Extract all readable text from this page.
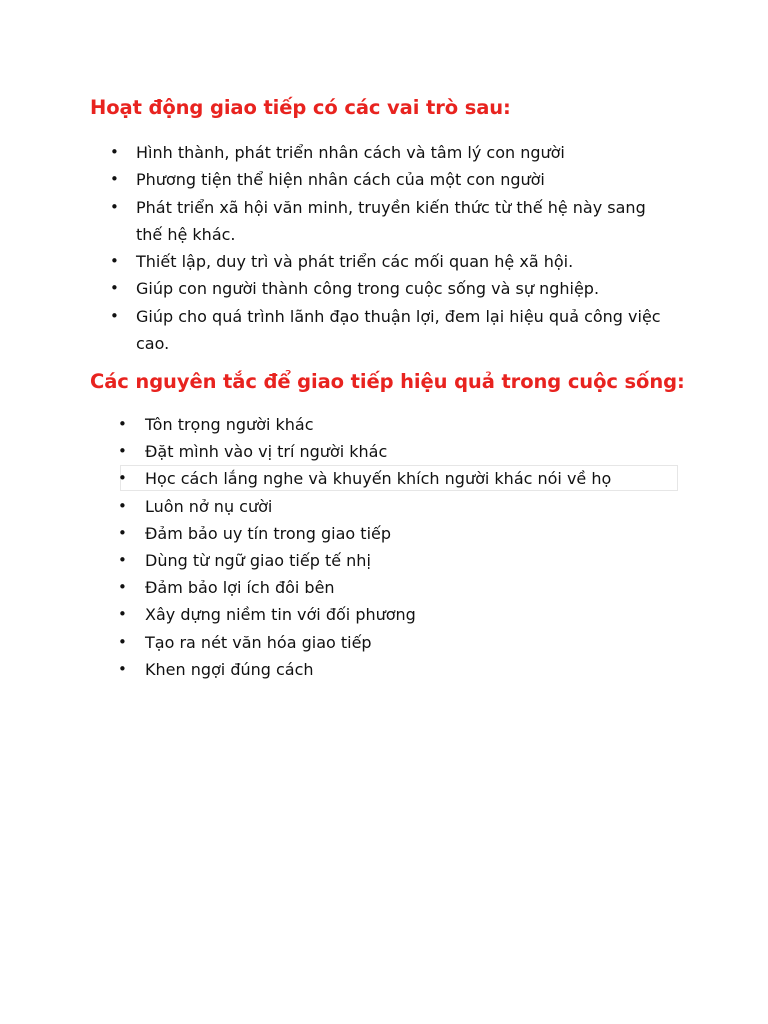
Hoạt động giao tiếp có các vai trò sau:
•	Hình thành, phát triển nhân cách và tâm lý con người
•	Phương tiện thể hiện nhân cách của một con người
•	Phát triển xã hội văn minh, truyền kiến thức từ thế hệ này sang thế hệ khác.
•	Thiết lập, duy trì và phát triển các mối quan hệ xã hội.
•	Giúp con người thành công trong cuộc sống và sự nghiệp.
•	Giúp cho quá trình lãnh đạo thuận lợi, đem lại hiệu quả công việc cao.
Các nguyên tắc để giao tiếp hiệu quả trong cuộc sống:
•	Tôn trọng người khác
•	Đặt mình vào vị trí người khác
•	Học cách lắng nghe và khuyến khích người khác nói về họ
•	Luôn nở nụ cười
•	Đảm bảo uy tín trong giao tiếp
•	Dùng từ ngữ giao tiếp tế nhị
•	Đảm bảo lợi ích đôi bên
•	Xây dựng niềm tin với đối phương
•	Tạo ra nét văn hóa giao tiếp
•	Khen ngợi đúng cách
